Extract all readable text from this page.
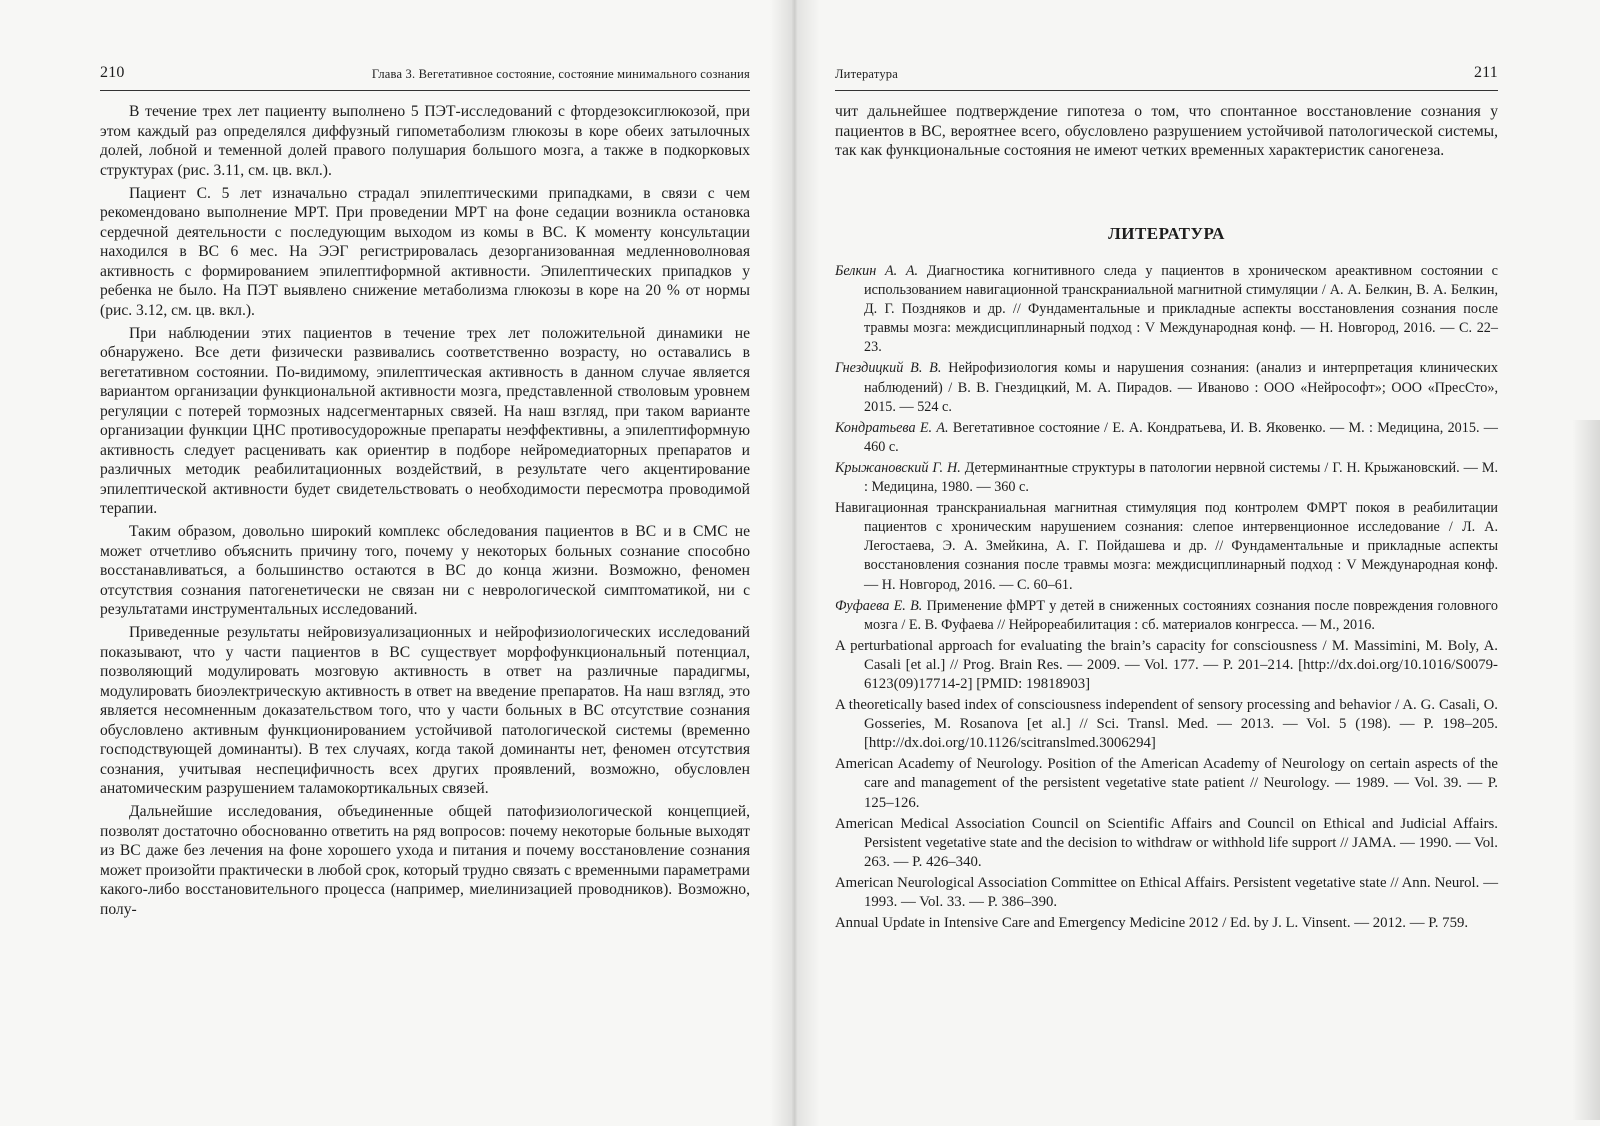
210	Глава 3. Вегетативное состояние, состояние минимального сознания

В течение трех лет пациенту выполнено 5 ПЭТ-исследований с фтордезоксиглюкозой, при этом каждый раз определялся диффузный гипометаболизм глюкозы в коре обеих затылочных долей, лобной и теменной долей правого полушария большого мозга, а также в подкорковых структурах (рис. 3.11, см. цв. вкл.).

Пациент С. 5 лет изначально страдал эпилептическими припадками, в связи с чем рекомендовано выполнение МРТ. При проведении МРТ на фоне седации возникла остановка сердечной деятельности с последующим выходом из комы в ВС. К моменту консультации находился в ВС 6 мес. На ЭЭГ регистрировалась дезорганизованная медленноволновая активность с формированием эпилептиформной активности. Эпилептических припадков у ребенка не было. На ПЭТ выявлено снижение метаболизма глюкозы в коре на 20 % от нормы (рис. 3.12, см. цв. вкл.).

При наблюдении этих пациентов в течение трех лет положительной динамики не обнаружено. Все дети физически развивались соответственно возрасту, но оставались в вегетативном состоянии. По-видимому, эпилептическая активность в данном случае является вариантом организации функциональной активности мозга, представленной стволовым уровнем регуляции с потерей тормозных надсегментарных связей. На наш взгляд, при таком варианте организации функции ЦНС противосудорожные препараты неэффективны, а эпилептиформную активность следует расценивать как ориентир в подборе нейромедиаторных препаратов и различных методик реабилитационных воздействий, в результате чего акцентирование эпилептической активности будет свидетельствовать о необходимости пересмотра проводимой терапии.

Таким образом, довольно широкий комплекс обследования пациентов в ВС и в СМС не может отчетливо объяснить причину того, почему у некоторых больных сознание способно восстанавливаться, а большинство остаются в ВС до конца жизни. Возможно, феномен отсутствия сознания патогенетически не связан ни с неврологической симптоматикой, ни с результатами инструментальных исследований.

Приведенные результаты нейровизуализационных и нейрофизиологических исследований показывают, что у части пациентов в ВС существует морфофункциональный потенциал, позволяющий модулировать мозговую активность в ответ на различные парадигмы, модулировать биоэлектрическую активность в ответ на введение препаратов. На наш взгляд, это является несомненным доказательством того, что у части больных в ВС отсутствие сознания обусловлено активным функционированием устойчивой патологической системы (временно господствующей доминанты). В тех случаях, когда такой доминанты нет, феномен отсутствия сознания, учитывая неспецифичность всех других проявлений, возможно, обусловлен анатомическим разрушением таламокортикальных связей.

Дальнейшие исследования, объединенные общей патофизиологической концепцией, позволят достаточно обоснованно ответить на ряд вопросов: почему некоторые больные выходят из ВС даже без лечения на фоне хорошего ухода и питания и почему восстановление сознания может произойти практически в любой срок, который трудно связать с временными параметрами какого-либо восстановительного процесса (например, миелинизацией проводников). Возможно, полу-

Литература	211

чит дальнейшее подтверждение гипотеза о том, что спонтанное восстановление сознания у пациентов в ВС, вероятнее всего, обусловлено разрушением устойчивой патологической системы, так как функциональные состояния не имеют четких временных характеристик саногенеза.

ЛИТЕРАТУРА
Белкин А. А. Диагностика когнитивного следа у пациентов в хроническом ареактивном состоянии с использованием навигационной транскраниальной магнитной стимуляции / А. А. Белкин, В. А. Белкин, Д. Г. Поздняков и др. // Фундаментальные и прикладные аспекты восстановления сознания после травмы мозга: междисциплинарный подход : V Международная конф. — Н. Новгород, 2016. — С. 22–23.
Гнездицкий В. В. Нейрофизиология комы и нарушения сознания: (анализ и интерпретация клинических наблюдений) / В. В. Гнездицкий, М. А. Пирадов. — Иваново : ООО «Нейрософт»; ООО «ПресСто», 2015. — 524 с.
Кондратьева Е. А. Вегетативное состояние / Е. А. Кондратьева, И. В. Яковенко. — М. : Медицина, 2015. — 460 с.
Крыжановский Г. Н. Детерминантные структуры в патологии нервной системы / Г. Н. Крыжановский. — М. : Медицина, 1980. — 360 с.
Навигационная транскраниальная магнитная стимуляция под контролем ФМРТ покоя в реабилитации пациентов с хроническим нарушением сознания: слепое интервенционное исследование / Л. А. Легостаева, Э. А. Змейкина, А. Г. Пойдашева и др. // Фундаментальные и прикладные аспекты восстановления сознания после травмы мозга: междисциплинарный подход : V Международная конф. — Н. Новгород, 2016. — С. 60–61.
Фуфаева Е. В. Применение фМРТ у детей в сниженных состояниях сознания после повреждения головного мозга / Е. В. Фуфаева // Нейрореабилитация : сб. материалов конгресса. — М., 2016.
A perturbational approach for evaluating the brain’s capacity for consciousness / M. Massimini, M. Boly, A. Casali [et al.] // Prog. Brain Res. — 2009. — Vol. 177. — P. 201–214. [http://dx.doi.org/10.1016/S0079-6123(09)17714-2] [PMID: 19818903]
A theoretically based index of consciousness independent of sensory processing and behavior / A. G. Casali, O. Gosseries, M. Rosanova [et al.] // Sci. Transl. Med. — 2013. — Vol. 5 (198). — P. 198–205. [http://dx.doi.org/10.1126/scitranslmed.3006294]
American Academy of Neurology. Position of the American Academy of Neurology on certain aspects of the care and management of the persistent vegetative state patient // Neurology. — 1989. — Vol. 39. — P. 125–126.
American Medical Association Council on Scientific Affairs and Council on Ethical and Judicial Affairs. Persistent vegetative state and the decision to withdraw or withhold life support // JAMA. — 1990. — Vol. 263. — P. 426–340.
American Neurological Association Committee on Ethical Affairs. Persistent vegetative state // Ann. Neurol. — 1993. — Vol. 33. — P. 386–390.
Annual Update in Intensive Care and Emergency Medicine 2012 / Ed. by J. L. Vinsent. — 2012. — P. 759.
